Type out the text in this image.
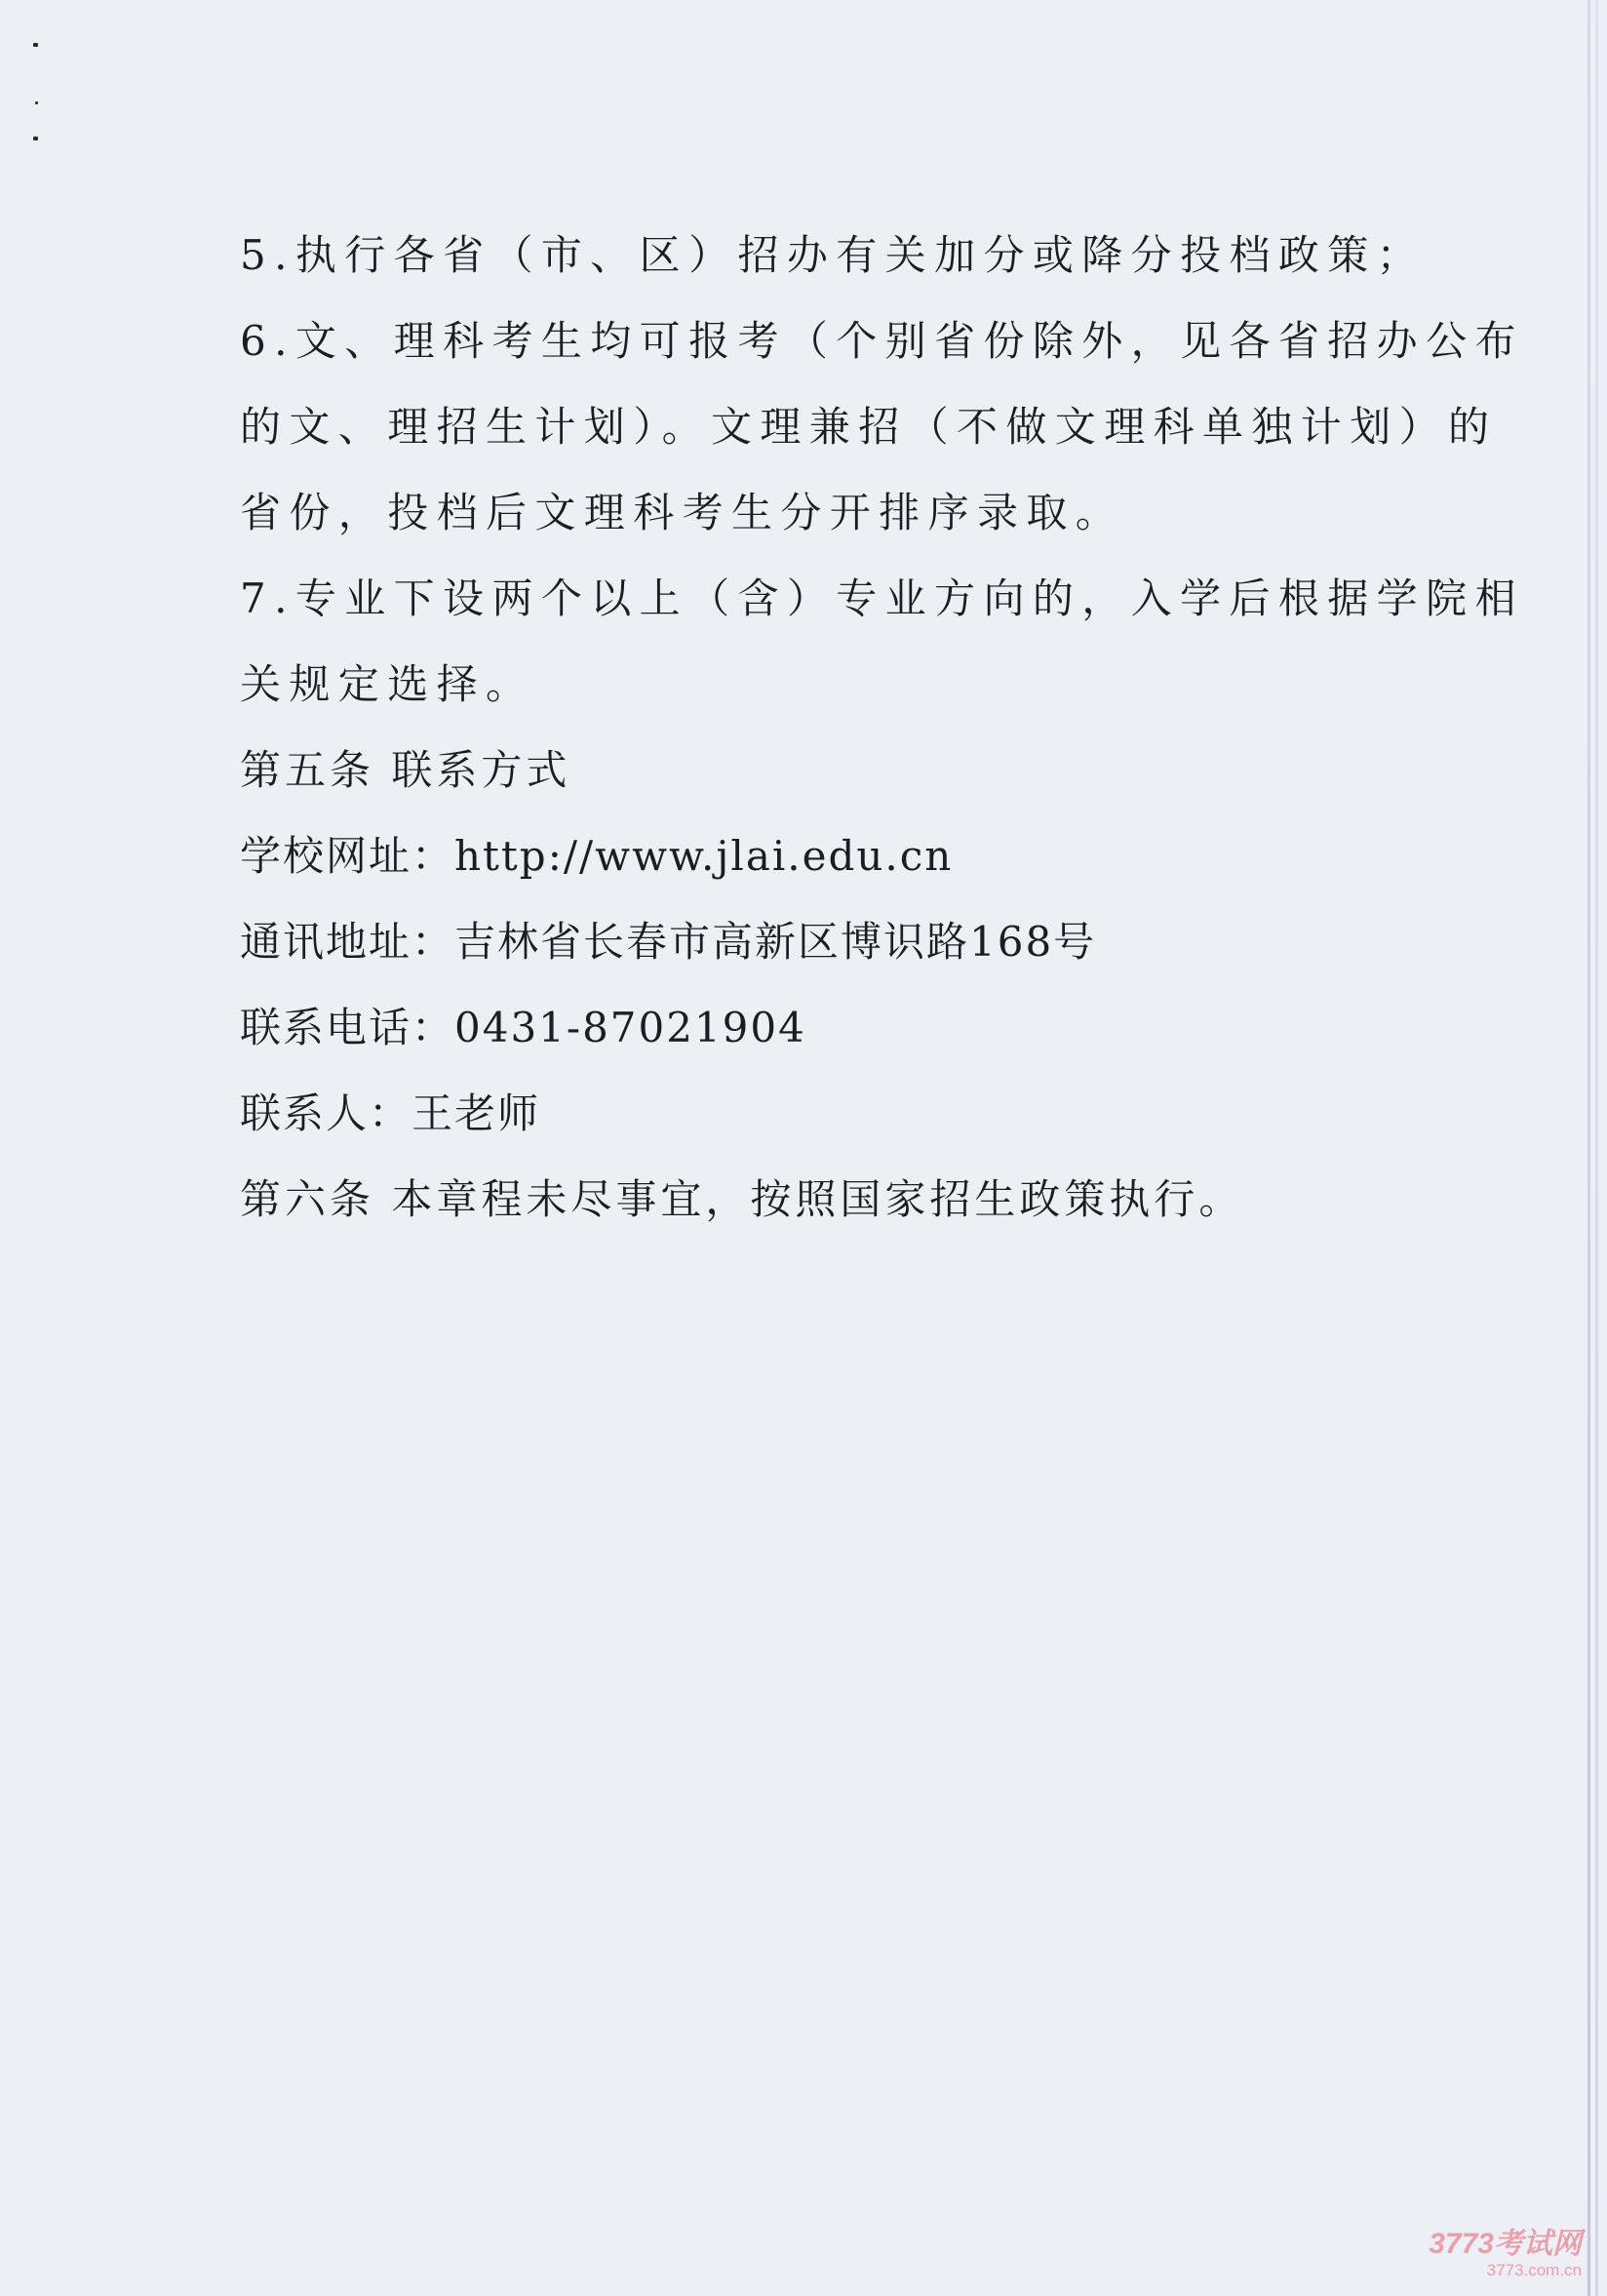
5.执行各省（市、区）招办有关加分或降分投档政策；
6.文、理科考生均可报考（个别省份除外，见各省招办公布
的文、理招生计划）。文理兼招（不做文理科单独计划）的
省份，投档后文理科考生分开排序录取。
7.专业下设两个以上（含）专业方向的，入学后根据学院相
关规定选择。
第五条 联系方式
学校网址：http://www.jlai.edu.cn
通讯地址：吉林省长春市高新区博识路168号
联系电话：0431-87021904
联系人：王老师
第六条 本章程未尽事宜，按照国家招生政策执行。
3773考试网
3773.com.cn
